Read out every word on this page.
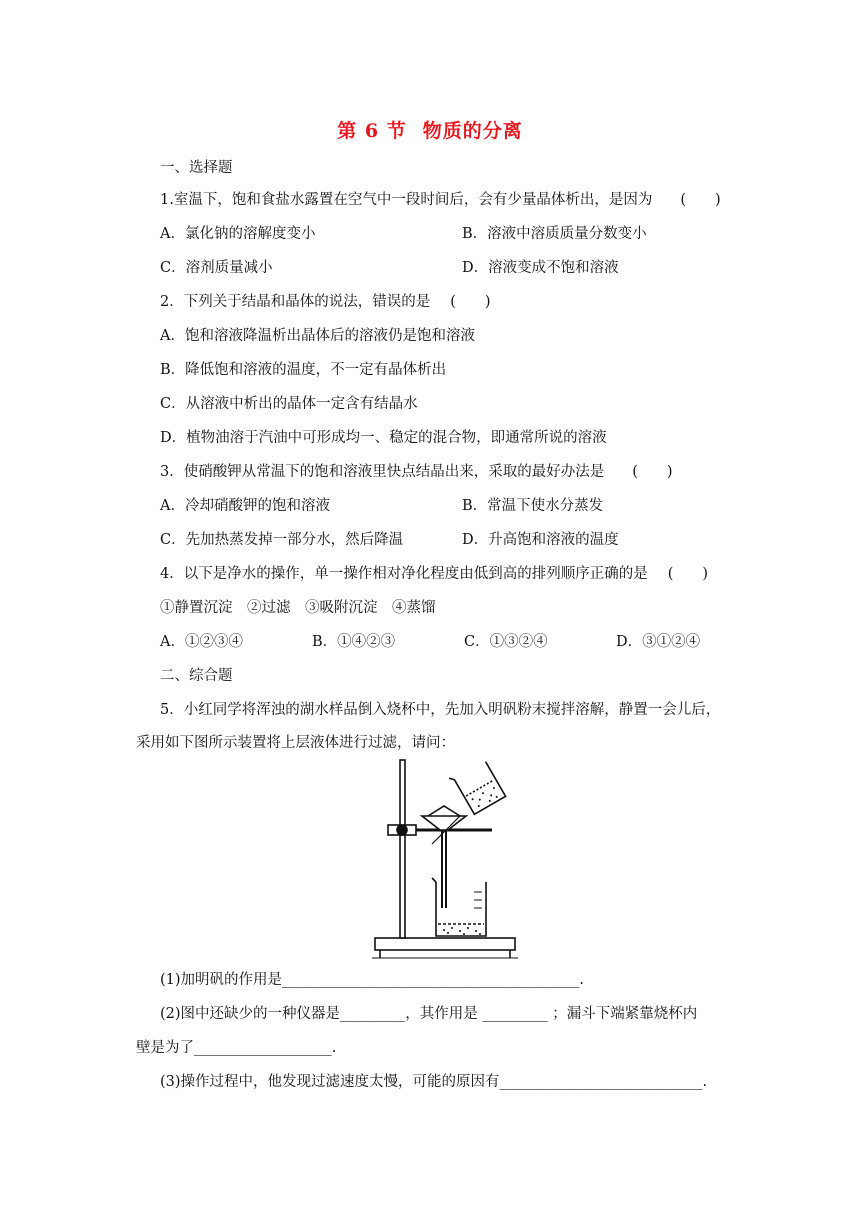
第 6 节 物质的分离
一、选择题
1.室温下，饱和食盐水露置在空气中一段时间后，会有少量晶体析出，是因为 (　　)
A．氯化钠的溶解度变小	B．溶液中溶质质量分数变小
C．溶剂质量减小	D．溶液变成不饱和溶液
2．下列关于结晶和晶体的说法，错误的是 (　　)
A．饱和溶液降温析出晶体后的溶液仍是饱和溶液
B．降低饱和溶液的温度，不一定有晶体析出
C．从溶液中析出的晶体一定含有结晶水
D．植物油溶于汽油中可形成均一、稳定的混合物，即通常所说的溶液
3．使硝酸钾从常温下的饱和溶液里快点结晶出来，采取的最好办法是 (　　)
A．冷却硝酸钾的饱和溶液	B．常温下使水分蒸发
C．先加热蒸发掉一部分水，然后降温	D．升高饱和溶液的温度
4．以下是净水的操作，单一操作相对净化程度由低到高的排列顺序正确的是 (　　)
①静置沉淀　②过滤　③吸附沉淀　④蒸馏
A．①②③④	B．①④②③	C．①③②④	D．③①②④
二、综合题
5．小红同学将浑浊的湖水样品倒入烧杯中，先加入明矾粉末搅拌溶解，静置一会儿后，
采用如下图所示装置将上层液体进行过滤，请问：
(1)加明矾的作用是_________________________________________.
(2)图中还缺少的一种仪器是_________，其作用是 _________ ；漏斗下端紧靠烧杯内
壁是为了___________________.
(3)操作过程中，他发现过滤速度太慢，可能的原因有____________________________.
